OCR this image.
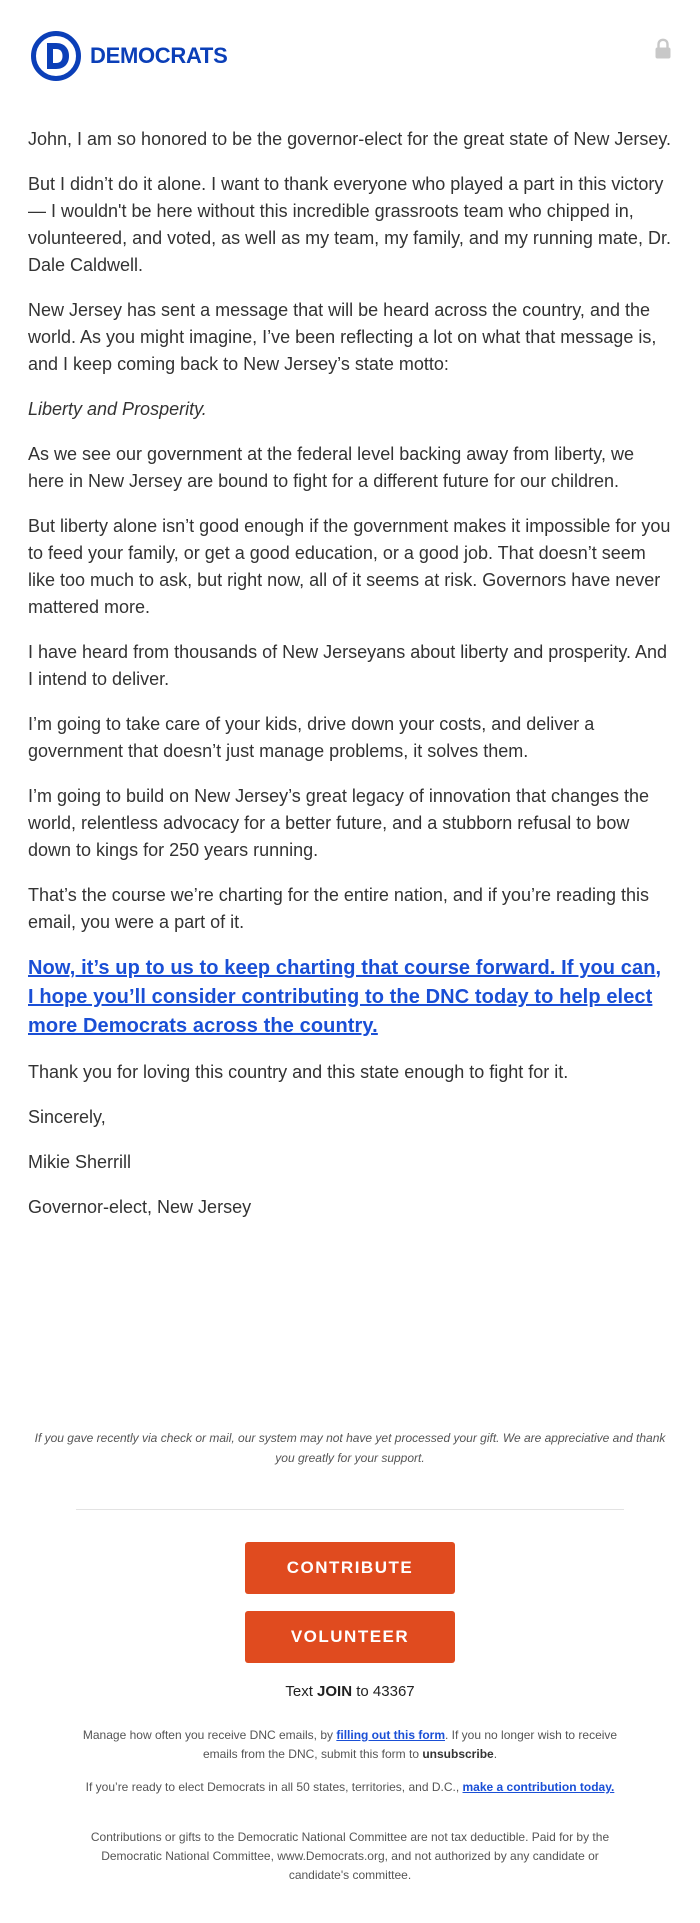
DEMOCRATS

John, I am so honored to be the governor-elect for the great state of New Jersey.

But I didn’t do it alone. I want to thank everyone who played a part in this victory — I wouldn't be here without this incredible grassroots team who chipped in, volunteered, and voted, as well as my team, my family, and my running mate, Dr. Dale Caldwell.

New Jersey has sent a message that will be heard across the country, and the world. As you might imagine, I’ve been reflecting a lot on what that message is, and I keep coming back to New Jersey’s state motto:

Liberty and Prosperity.

As we see our government at the federal level backing away from liberty, we here in New Jersey are bound to fight for a different future for our children.

But liberty alone isn’t good enough if the government makes it impossible for you to feed your family, or get a good education, or a good job. That doesn’t seem like too much to ask, but right now, all of it seems at risk. Governors have never mattered more.

I have heard from thousands of New Jerseyans about liberty and prosperity. And I intend to deliver.

I’m going to take care of your kids, drive down your costs, and deliver a government that doesn’t just manage problems, it solves them.

I’m going to build on New Jersey’s great legacy of innovation that changes the world, relentless advocacy for a better future, and a stubborn refusal to bow down to kings for 250 years running.

That’s the course we’re charting for the entire nation, and if you’re reading this email, you were a part of it.

Now, it’s up to us to keep charting that course forward. If you can, I hope you’ll consider contributing to the DNC today to help elect more Democrats across the country.

Thank you for loving this country and this state enough to fight for it.

Sincerely,

Mikie Sherrill

Governor-elect, New Jersey

If you gave recently via check or mail, our system may not have yet processed your gift. We are appreciative and thank you greatly for your support.
CONTRIBUTE
VOLUNTEER
Text JOIN to 43367
Manage how often you receive DNC emails, by filling out this form. If you no longer wish to receive emails from the DNC, submit this form to unsubscribe.
If you’re ready to elect Democrats in all 50 states, territories, and D.C., make a contribution today.
Contributions or gifts to the Democratic National Committee are not tax deductible. Paid for by the Democratic National Committee, www.Democrats.org, and not authorized by any candidate or candidate's committee.
